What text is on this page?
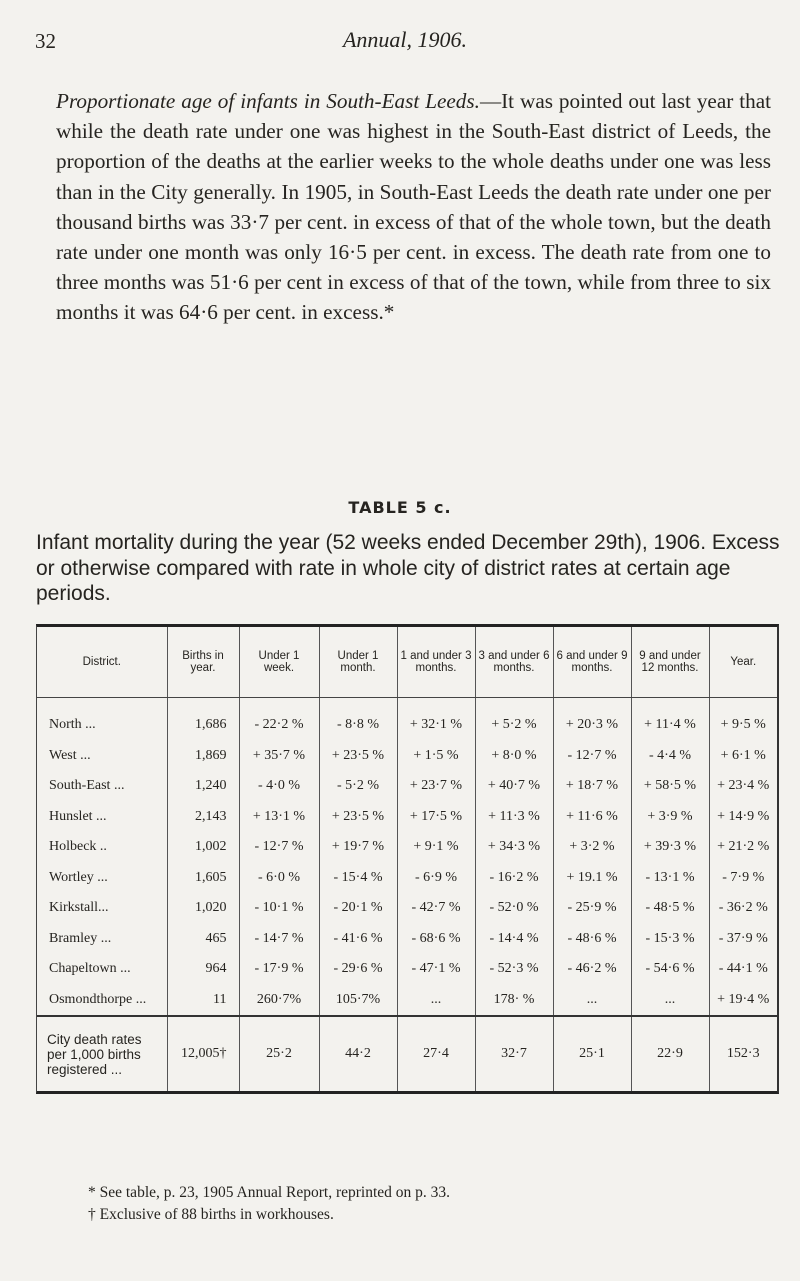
32	Annual, 1906.

Proportionate age of infants in South-East Leeds.—It was pointed out last year that while the death rate under one was highest in the South-East district of Leeds, the proportion of the deaths at the earlier weeks to the whole deaths under one was less than in the City generally. In 1905, in South-East Leeds the death rate under one per thousand births was 33·7 per cent. in excess of that of the whole town, but the death rate under one month was only 16·5 per cent. in excess. The death rate from one to three months was 51·6 per cent in excess of that of the town, while from three to six months it was 64·6 per cent. in excess.*

TABLE 5 c.

Infant mortality during the year (52 weeks ended December 29th), 1906. Excess or otherwise compared with rate in whole city of district rates at certain age periods.

District.	Births in year.	Under 1 week.	Under 1 month.	1 and under 3 months.	3 and under 6 months.	6 and under 9 months.	9 and under 12 months.	Year.
North ...	1,686	- 22·2 %	- 8·8 %	+ 32·1 %	+ 5·2 %	+ 20·3 %	+ 11·4 %	+ 9·5 %
West ...	1,869	+ 35·7 %	+ 23·5 %	+ 1·5 %	+ 8·0 %	- 12·7 %	- 4·4 %	+ 6·1 %
South-East ...	1,240	- 4·0 %	- 5·2 %	+ 23·7 %	+ 40·7 %	+ 18·7 %	+ 58·5 %	+ 23·4 %
Hunslet ...	2,143	+ 13·1 %	+ 23·5 %	+ 17·5 %	+ 11·3 %	+ 11·6 %	+ 3·9 %	+ 14·9 %
Holbeck ..	1,002	- 12·7 %	+ 19·7 %	+ 9·1 %	+ 34·3 %	+ 3·2 %	+ 39·3 %	+ 21·2 %
Wortley ...	1,605	- 6·0 %	- 15·4 %	- 6·9 %	- 16·2 %	+ 19.1 %	- 13·1 %	- 7·9 %
Kirkstall...	1,020	- 10·1 %	- 20·1 %	- 42·7 %	- 52·0 %	- 25·9 %	- 48·5 %	- 36·2 %
Bramley ...	465	- 14·7 %	- 41·6 %	- 68·6 %	- 14·4 %	- 48·6 %	- 15·3 %	- 37·9 %
Chapeltown ...	964	- 17·9 %	- 29·6 %	- 47·1 %	- 52·3 %	- 46·2 %	- 54·6 %	- 44·1 %
Osmondthorpe ...	11	260·7%	105·7%	...	178· %	...	...	+ 19·4 %
City death rates per 1,000 births registered ...	12,005†	25·2	44·2	27·4	32·7	25·1	22·9	152·3

* See table, p. 23, 1905 Annual Report, reprinted on p. 33.

† Exclusive of 88 births in workhouses.
